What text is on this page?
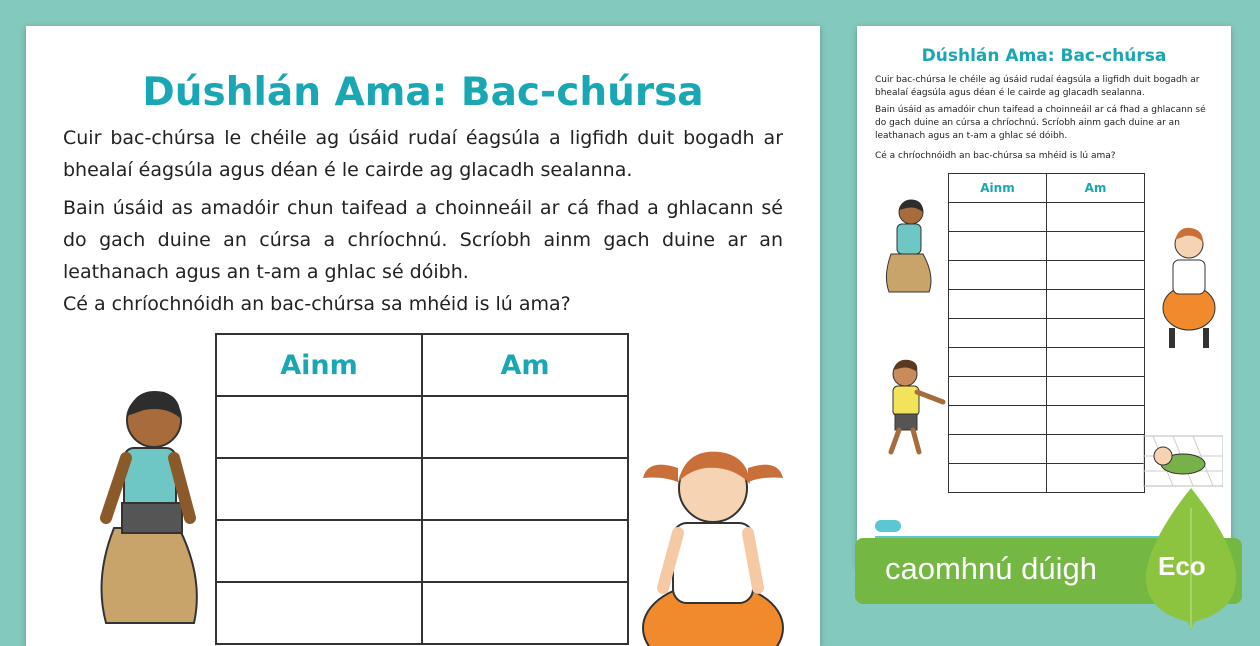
Dúshlán Ama: Bac-chúrsa
Cuir bac-chúrsa le chéile ag úsáid rudaí éagsúla a ligfidh duit bogadh ar bhealaí éagsúla agus déan é le cairde ag glacadh sealanna.
Bain úsáid as amadóir chun taifead a choinneáil ar cá fhad a ghlacann sé do gach duine an cúrsa a chríochnú. Scríobh ainm gach duine ar an leathanach agus an t-am a ghlac sé dóibh.
Cé a chríochnóidh an bac-chúrsa sa mhéid is lú ama?
Ainm	Am

Dúshlán Ama: Bac-chúrsa
Cuir bac-chúrsa le chéile ag úsáid rudaí éagsúla a ligfidh duit bogadh ar bhealaí éagsúla agus déan é le cairde ag glacadh sealanna.
Bain úsáid as amadóir chun taifead a choinneáil ar cá fhad a ghlacann sé do gach duine an cúrsa a chríochnú. Scríobh ainm gach duine ar an leathanach agus an t-am a ghlac sé dóibh.
Cé a chríochnóidh an bac-chúrsa sa mhéid is lú ama?
Ainm	Am

caomhnú dúigh Eco
